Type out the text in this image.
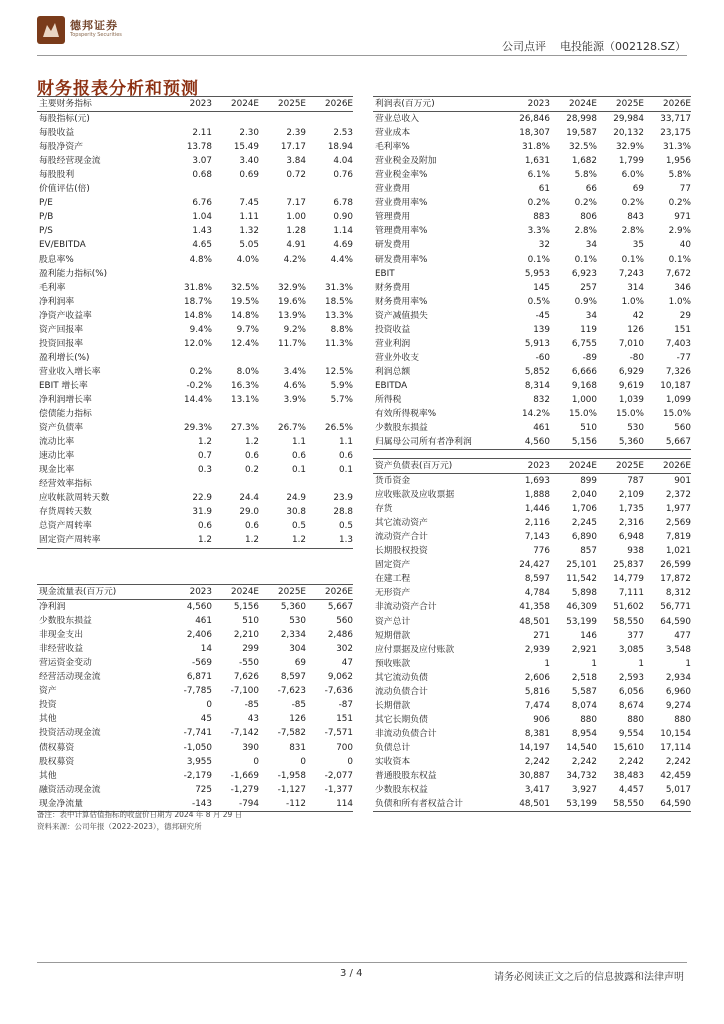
德邦证券
Topsperity Securities
公司点评    电投能源（002128.SZ）
财务报表分析和预测
主要财务指标	2023	2024E	2025E	2026E
每股指标(元)				
每股收益	2.11	2.30	2.39	2.53
每股净资产	13.78	15.49	17.17	18.94
每股经营现金流	3.07	3.40	3.84	4.04
每股股利	0.68	0.69	0.72	0.76
价值评估(倍)				
P/E	6.76	7.45	7.17	6.78
P/B	1.04	1.11	1.00	0.90
P/S	1.43	1.32	1.28	1.14
EV/EBITDA	4.65	5.05	4.91	4.69
股息率%	4.8%	4.0%	4.2%	4.4%
盈利能力指标(%)				
毛利率	31.8%	32.5%	32.9%	31.3%
净利润率	18.7%	19.5%	19.6%	18.5%
净资产收益率	14.8%	14.8%	13.9%	13.3%
资产回报率	9.4%	9.7%	9.2%	8.8%
投资回报率	12.0%	12.4%	11.7%	11.3%
盈利增长(%)				
营业收入增长率	0.2%	8.0%	3.4%	12.5%
EBIT 增长率	-0.2%	16.3%	4.6%	5.9%
净利润增长率	14.4%	13.1%	3.9%	5.7%
偿债能力指标				
资产负债率	29.3%	27.3%	26.7%	26.5%
流动比率	1.2	1.2	1.1	1.1
速动比率	0.7	0.6	0.6	0.6
现金比率	0.3	0.2	0.1	0.1
经营效率指标				
应收帐款周转天数	22.9	24.4	24.9	23.9
存货周转天数	31.9	29.0	30.8	28.8
总资产周转率	0.6	0.6	0.5	0.5
固定资产周转率	1.2	1.2	1.2	1.3
利润表(百万元)	2023	2024E	2025E	2026E
营业总收入	26,846	28,998	29,984	33,717
营业成本	18,307	19,587	20,132	23,175
毛利率%	31.8%	32.5%	32.9%	31.3%
营业税金及附加	1,631	1,682	1,799	1,956
营业税金率%	6.1%	5.8%	6.0%	5.8%
营业费用	61	66	69	77
营业费用率%	0.2%	0.2%	0.2%	0.2%
管理费用	883	806	843	971
管理费用率%	3.3%	2.8%	2.8%	2.9%
研发费用	32	34	35	40
研发费用率%	0.1%	0.1%	0.1%	0.1%
EBIT	5,953	6,923	7,243	7,672
财务费用	145	257	314	346
财务费用率%	0.5%	0.9%	1.0%	1.0%
资产减值损失	-45	34	42	29
投资收益	139	119	126	151
营业利润	5,913	6,755	7,010	7,403
营业外收支	-60	-89	-80	-77
利润总额	5,852	6,666	6,929	7,326
EBITDA	8,314	9,168	9,619	10,187
所得税	832	1,000	1,039	1,099
有效所得税率%	14.2%	15.0%	15.0%	15.0%
少数股东损益	461	510	530	560
归属母公司所有者净利润	4,560	5,156	5,360	5,667
资产负债表(百万元)	2023	2024E	2025E	2026E
货币资金	1,693	899	787	901
应收账款及应收票据	1,888	2,040	2,109	2,372
存货	1,446	1,706	1,735	1,977
其它流动资产	2,116	2,245	2,316	2,569
流动资产合计	7,143	6,890	6,948	7,819
长期股权投资	776	857	938	1,021
固定资产	24,427	25,101	25,837	26,599
在建工程	8,597	11,542	14,779	17,872
无形资产	4,784	5,898	7,111	8,312
非流动资产合计	41,358	46,309	51,602	56,771
资产总计	48,501	53,199	58,550	64,590
短期借款	271	146	377	477
应付票据及应付账款	2,939	2,921	3,085	3,548
预收账款	1	1	1	1
其它流动负债	2,606	2,518	2,593	2,934
流动负债合计	5,816	5,587	6,056	6,960
长期借款	7,474	8,074	8,674	9,274
其它长期负债	906	880	880	880
非流动负债合计	8,381	8,954	9,554	10,154
负债总计	14,197	14,540	15,610	17,114
实收资本	2,242	2,242	2,242	2,242
普通股股东权益	30,887	34,732	38,483	42,459
少数股东权益	3,417	3,927	4,457	5,017
负债和所有者权益合计	48,501	53,199	58,550	64,590
现金流量表(百万元)	2023	2024E	2025E	2026E
净利润	4,560	5,156	5,360	5,667
少数股东损益	461	510	530	560
非现金支出	2,406	2,210	2,334	2,486
非经营收益	14	299	304	302
营运资金变动	-569	-550	69	47
经营活动现金流	6,871	7,626	8,597	9,062
资产	-7,785	-7,100	-7,623	-7,636
投资	0	-85	-85	-87
其他	45	43	126	151
投资活动现金流	-7,741	-7,142	-7,582	-7,571
债权募资	-1,050	390	831	700
股权募资	3,955	0	0	0
其他	-2,179	-1,669	-1,958	-2,077
融资活动现金流	725	-1,279	-1,127	-1,377
现金净流量	-143	-794	-112	114
备注：表中计算估值指标的收盘价日期为 2024 年 8 月 29 日
资料来源：公司年报（2022-2023），德邦研究所
3 / 4	请务必阅读正文之后的信息披露和法律声明
